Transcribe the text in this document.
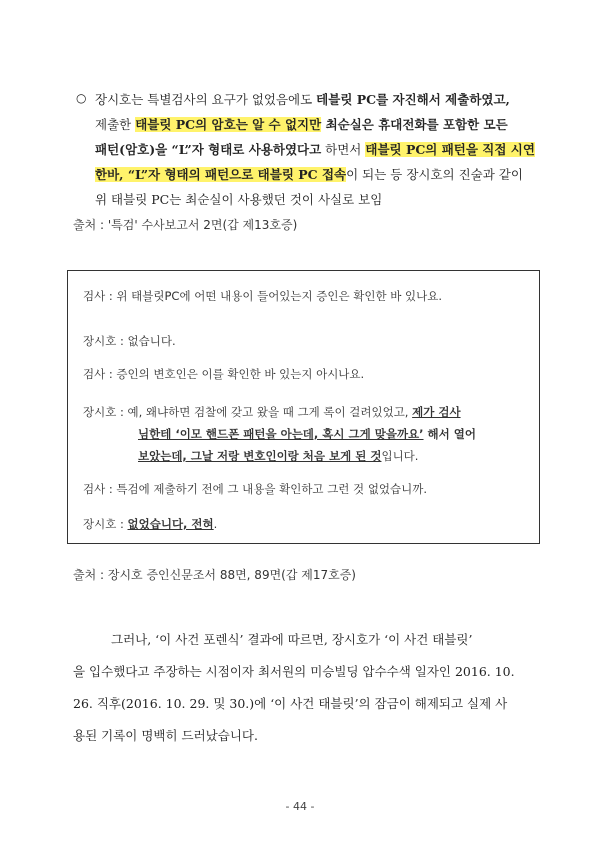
○ 장시호는 특별검사의 요구가 없었음에도 테블릿 PC를 자진해서 제출하였고,
제출한 태블릿 PC의 암호는 알 수 없지만 최순실은 휴대전화를 포함한 모든
패턴(암호)을 “L”자 형태로 사용하였다고 하면서 태블릿 PC의 패턴을 직접 시연
한바, “L”자 형태의 패턴으로 태블릿 PC 접속이 되는 등 장시호의 진술과 같이
위 태블릿 PC는 최순실이 사용했던 것이 사실로 보임
출처 : '특검' 수사보고서 2면(갑 제13호증)
검사 : 위 태블릿PC에 어떤 내용이 들어있는지 증인은 확인한 바 있나요.
장시호 : 없습니다.
검사 : 증인의 변호인은 이를 확인한 바 있는지 아시나요.
장시호 : 예, 왜냐하면 검찰에 갖고 왔을 때 그게 록이 걸려있었고, 제가 검사
님한테 ‘이모 핸드폰 패턴을 아는데, 혹시 그게 맞을까요’ 해서 열어
보았는데, 그날 저랑 변호인이랑 처음 보게 된 것입니다.
검사 : 특검에 제출하기 전에 그 내용을 확인하고 그런 것 없었습니까.
장시호 : 없었습니다, 전혀.
출처 : 장시호 증인신문조서 88면, 89면(갑 제17호증)
그러나, ‘이 사건 포렌식’ 결과에 따르면, 장시호가 ‘이 사건 태블릿’
을 입수했다고 주장하는 시점이자 최서원의 미승빌딩 압수수색 일자인 2016. 10.
26. 직후(2016. 10. 29. 및 30.)에 ‘이 사건 태블릿’의 잠금이 해제되고 실제 사
용된 기록이 명백히 드러났습니다.
- 44 -
